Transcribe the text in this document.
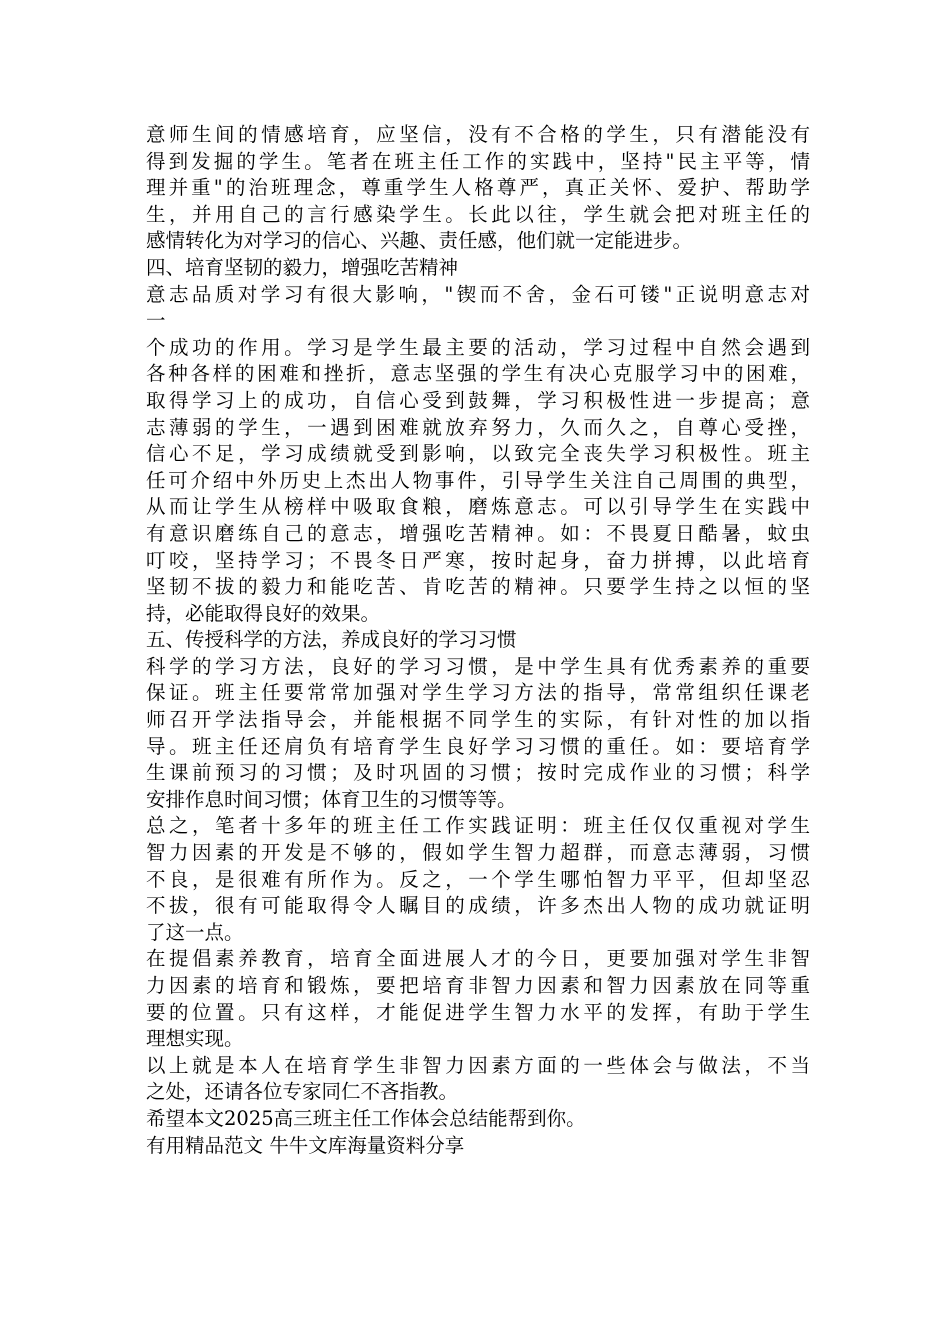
意师生间的情感培育，应坚信，没有不合格的学生，只有潜能没有
得到发掘的学生。笔者在班主任工作的实践中，坚持"民主平等，情
理并重"的治班理念，尊重学生人格尊严，真正关怀、爱护、帮助学
生，并用自己的言行感染学生。长此以往，学生就会把对班主任的
感情转化为对学习的信心、兴趣、责任感，他们就一定能进步。
四、培育坚韧的毅力，增强吃苦精神
意志品质对学习有很大影响，"锲而不舍，金石可镂"正说明意志对
一
个成功的作用。学习是学生最主要的活动，学习过程中自然会遇到
各种各样的困难和挫折，意志坚强的学生有决心克服学习中的困难，
取得学习上的成功，自信心受到鼓舞，学习积极性进一步提高；意
志薄弱的学生，一遇到困难就放弃努力，久而久之，自尊心受挫，
信心不足，学习成绩就受到影响，以致完全丧失学习积极性。班主
任可介绍中外历史上杰出人物事件，引导学生关注自己周围的典型，
从而让学生从榜样中吸取食粮，磨炼意志。可以引导学生在实践中
有意识磨练自己的意志，增强吃苦精神。如：不畏夏日酷暑，蚊虫
叮咬，坚持学习；不畏冬日严寒，按时起身，奋力拼搏，以此培育
坚韧不拔的毅力和能吃苦、肯吃苦的精神。只要学生持之以恒的坚
持，必能取得良好的效果。
五、传授科学的方法，养成良好的学习习惯
科学的学习方法，良好的学习习惯，是中学生具有优秀素养的重要
保证。班主任要常常加强对学生学习方法的指导，常常组织任课老
师召开学法指导会，并能根据不同学生的实际，有针对性的加以指
导。班主任还肩负有培育学生良好学习习惯的重任。如：要培育学
生课前预习的习惯；及时巩固的习惯；按时完成作业的习惯；科学
安排作息时间习惯；体育卫生的习惯等等。
总之，笔者十多年的班主任工作实践证明：班主任仅仅重视对学生
智力因素的开发是不够的，假如学生智力超群，而意志薄弱，习惯
不良，是很难有所作为。反之，一个学生哪怕智力平平，但却坚忍
不拔，很有可能取得令人瞩目的成绩，许多杰出人物的成功就证明
了这一点。
在提倡素养教育，培育全面进展人才的今日，更要加强对学生非智
力因素的培育和锻炼，要把培育非智力因素和智力因素放在同等重
要的位置。只有这样，才能促进学生智力水平的发挥，有助于学生
理想实现。
以上就是本人在培育学生非智力因素方面的一些体会与做法，不当
之处，还请各位专家同仁不吝指教。
希望本文2025高三班主任工作体会总结能帮到你。
有用精品范文 牛牛文库海量资料分享
